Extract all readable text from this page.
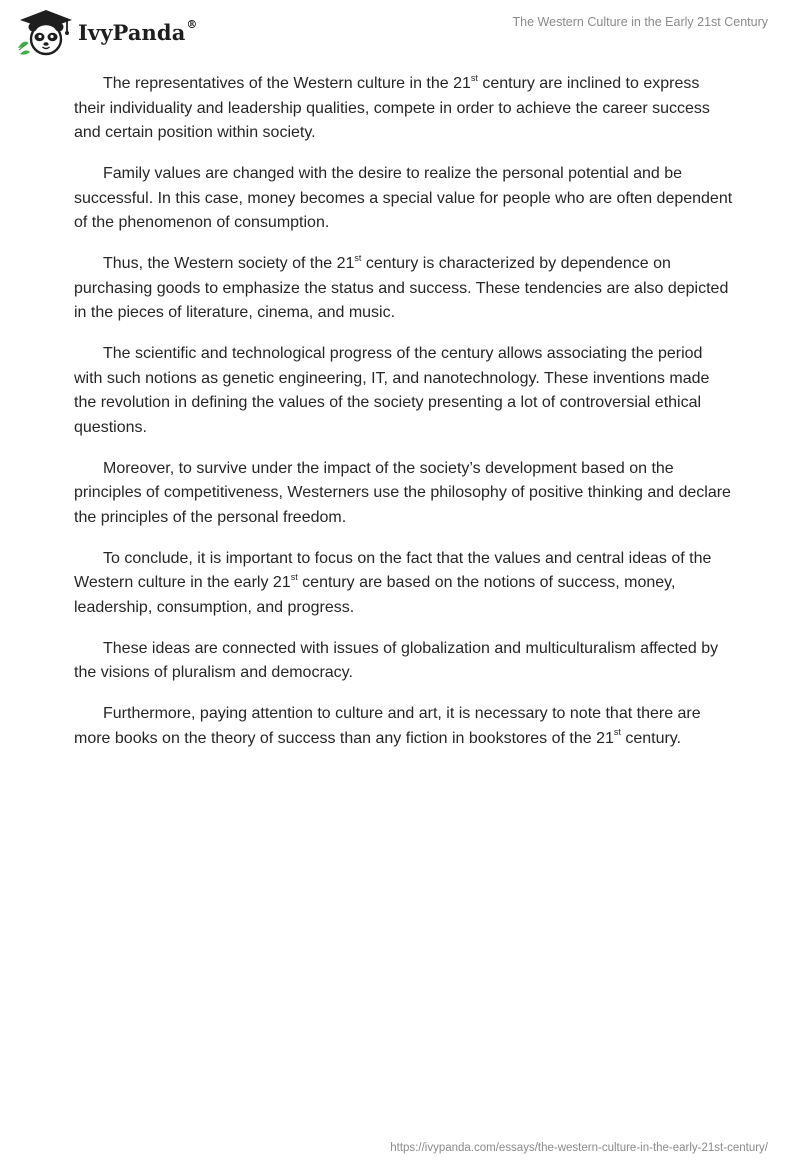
IvyPanda®	The Western Culture in the Early 21st Century

The representatives of the Western culture in the 21st century are inclined to express their individuality and leadership qualities, compete in order to achieve the career success and certain position within society.

Family values are changed with the desire to realize the personal potential and be successful. In this case, money becomes a special value for people who are often dependent of the phenomenon of consumption.

Thus, the Western society of the 21st century is characterized by dependence on purchasing goods to emphasize the status and success. These tendencies are also depicted in the pieces of literature, cinema, and music.

The scientific and technological progress of the century allows associating the period with such notions as genetic engineering, IT, and nanotechnology. These inventions made the revolution in defining the values of the society presenting a lot of controversial ethical questions.

Moreover, to survive under the impact of the society’s development based on the principles of competitiveness, Westerners use the philosophy of positive thinking and declare the principles of the personal freedom.

To conclude, it is important to focus on the fact that the values and central ideas of the Western culture in the early 21st century are based on the notions of success, money, leadership, consumption, and progress.

These ideas are connected with issues of globalization and multiculturalism affected by the visions of pluralism and democracy.

Furthermore, paying attention to culture and art, it is necessary to note that there are more books on the theory of success than any fiction in bookstores of the 21st century.

https://ivypanda.com/essays/the-western-culture-in-the-early-21st-century/
